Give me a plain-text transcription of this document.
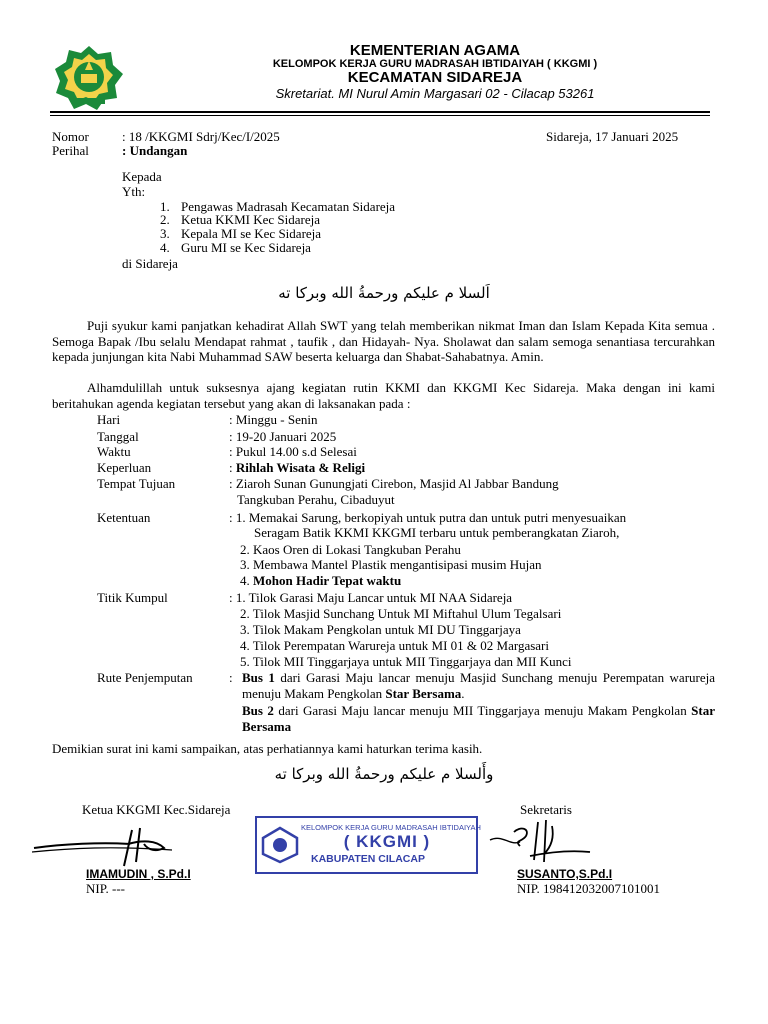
KEMENTERIAN AGAMA
KELOMPOK KERJA GURU MADRASAH IBTIDAIYAH ( KKGMI )
KECAMATAN SIDAREJA
Skretariat. MI Nurul Amin Margasari 02 - Cilacap 53261
Nomor	: 18 /KKGMI Sdrj/Kec/I/2025	Sidareja, 17 Januari 2025
Perihal	: Undangan
Kepada
Yth:
1. Pengawas Madrasah Kecamatan Sidareja
2. Ketua KKMI Kec Sidareja
3. Kepala MI se Kec Sidareja
4. Guru MI se Kec Sidareja
di Sidareja
اَلسلا م عليكم ورحمةُ الله وبركا ته
Puji syukur kami panjatkan kehadirat Allah SWT yang telah memberikan nikmat Iman dan Islam Kepada Kita semua . Semoga Bapak /Ibu selalu Mendapat rahmat , taufik , dan Hidayah- Nya. Sholawat dan salam semoga senantiasa tercurahkan kepada junjungan kita Nabi Muhammad SAW beserta keluarga dan Shabat-Sahabatnya. Amin.
Alhamdulillah untuk suksesnya ajang kegiatan rutin KKMI dan KKGMI Kec Sidareja. Maka dengan ini kami beritahukan agenda kegiatan tersebut yang akan di laksanakan pada :
Hari	: Minggu - Senin
Tanggal	: 19-20 Januari 2025
Waktu	: Pukul 14.00 s.d Selesai
Keperluan	: Rihlah Wisata & Religi
Tempat Tujuan	: Ziaroh Sunan Gunungjati Cirebon, Masjid Al Jabbar Bandung
Tangkuban Perahu, Cibaduyut
Ketentuan	: 1. Memakai Sarung, berkopiyah untuk putra dan untuk putri menyesuaikan
Seragam Batik KKMI KKGMI terbaru untuk pemberangkatan Ziaroh,
2. Kaos Oren di Lokasi Tangkuban Perahu
3. Membawa Mantel Plastik mengantisipasi musim Hujan
4. Mohon Hadir Tepat waktu
Titik Kumpul	: 1. Tilok Garasi Maju Lancar untuk MI NAA Sidareja
2. Tilok Masjid Sunchang Untuk MI Miftahul Ulum Tegalsari
3. Tilok Makam Pengkolan untuk MI DU Tinggarjaya
4. Tilok Perempatan Warureja untuk MI 01 & 02 Margasari
5. Tilok MII Tinggarjaya untuk MII Tinggarjaya dan MII Kunci
Rute Penjemputan	: Bus 1 dari Garasi Maju lancar menuju Masjid Sunchang menuju Perempatan warureja menuju Makam Pengkolan Star Bersama.
Bus 2 dari Garasi Maju lancar menuju MII Tinggarjaya menuju Makam Pengkolan Star Bersama
Demikian surat ini kami sampaikan, atas perhatiannya kami haturkan terima kasih.
وأَلسلا م عليكم ورحمةُ الله وبركا ته
Ketua KKGMI Kec.Sidareja	Sekretaris
KELOMPOK KERJA GURU MADRASAH IBTIDAIYAH
( KKGMI )
KABUPATEN CILACAP
IMAMUDIN , S.Pd.I
NIP. ---
SUSANTO,S.Pd.I
NIP. 198412032007101001
